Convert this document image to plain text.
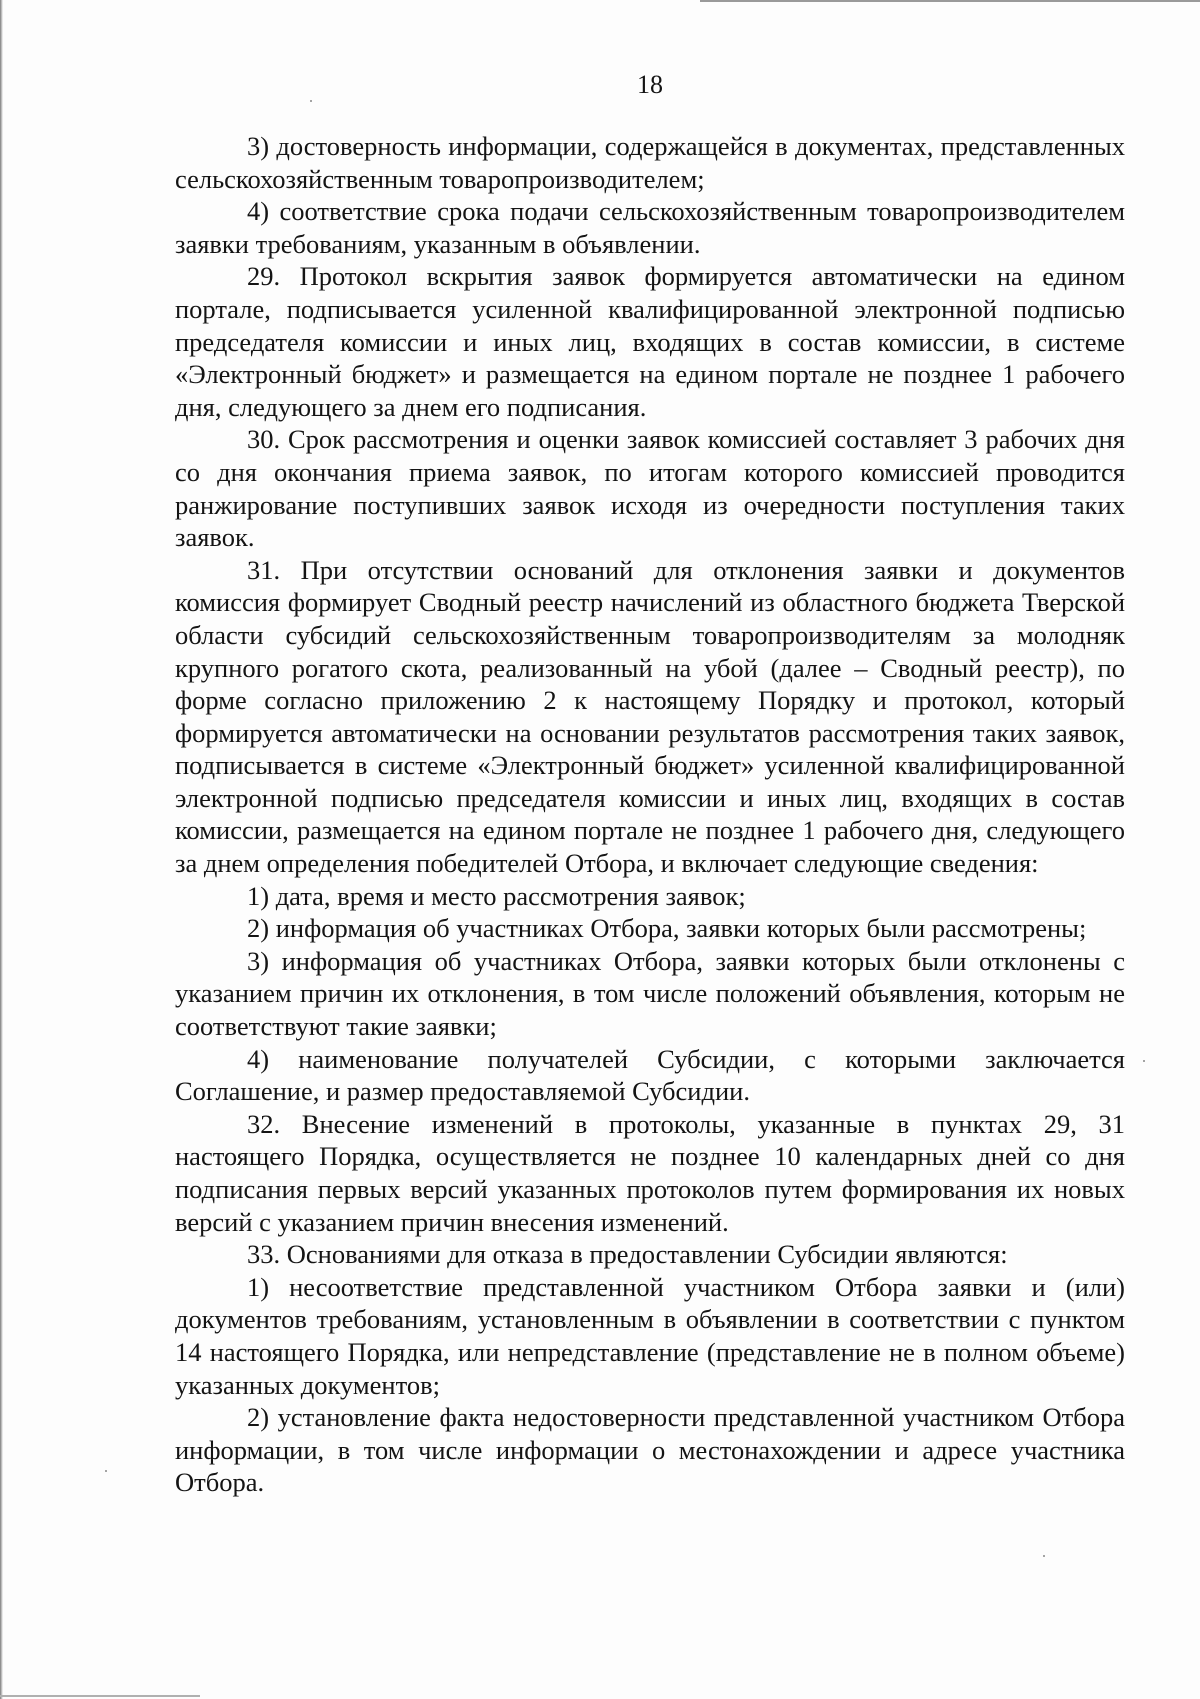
18

3) достоверность информации, содержащейся в документах, представленных сельскохозяйственным товаропроизводителем;

4) соответствие срока подачи сельскохозяйственным товаропроизводителем заявки требованиям, указанным в объявлении.

29. Протокол вскрытия заявок формируется автоматически на едином портале, подписывается усиленной квалифицированной электронной подписью председателя комиссии и иных лиц, входящих в состав комиссии, в системе «Электронный бюджет» и размещается на едином портале не позднее 1 рабочего дня, следующего за днем его подписания.

30. Срок рассмотрения и оценки заявок комиссией составляет 3 рабочих дня со дня окончания приема заявок, по итогам которого комиссией проводится ранжирование поступивших заявок исходя из очередности поступления таких заявок.

31. При отсутствии оснований для отклонения заявки и документов комиссия формирует Сводный реестр начислений из областного бюджета Тверской области субсидий сельскохозяйственным товаропроизводителям за молодняк крупного рогатого скота, реализованный на убой (далее – Сводный реестр), по форме согласно приложению 2 к настоящему Порядку и протокол, который формируется автоматически на основании результатов рассмотрения таких заявок, подписывается в системе «Электронный бюджет» усиленной квалифицированной электронной подписью председателя комиссии и иных лиц, входящих в состав комиссии, размещается на едином портале не позднее 1 рабочего дня, следующего за днем определения победителей Отбора, и включает следующие сведения:

1) дата, время и место рассмотрения заявок;

2) информация об участниках Отбора, заявки которых были рассмотрены;

3) информация об участниках Отбора, заявки которых были отклонены с указанием причин их отклонения, в том числе положений объявления, которым не соответствуют такие заявки;

4) наименование получателей Субсидии, с которыми заключается Соглашение, и размер предоставляемой Субсидии.

32. Внесение изменений в протоколы, указанные в пунктах 29, 31 настоящего Порядка, осуществляется не позднее 10 календарных дней со дня подписания первых версий указанных протоколов путем формирования их новых версий с указанием причин внесения изменений.

33. Основаниями для отказа в предоставлении Субсидии являются:

1) несоответствие представленной участником Отбора заявки и (или) документов требованиям, установленным в объявлении в соответствии с пунктом 14 настоящего Порядка, или непредставление (представление не в полном объеме) указанных документов;

2) установление факта недостоверности представленной участником Отбора информации, в том числе информации о местонахождении и адресе участника Отбора.
